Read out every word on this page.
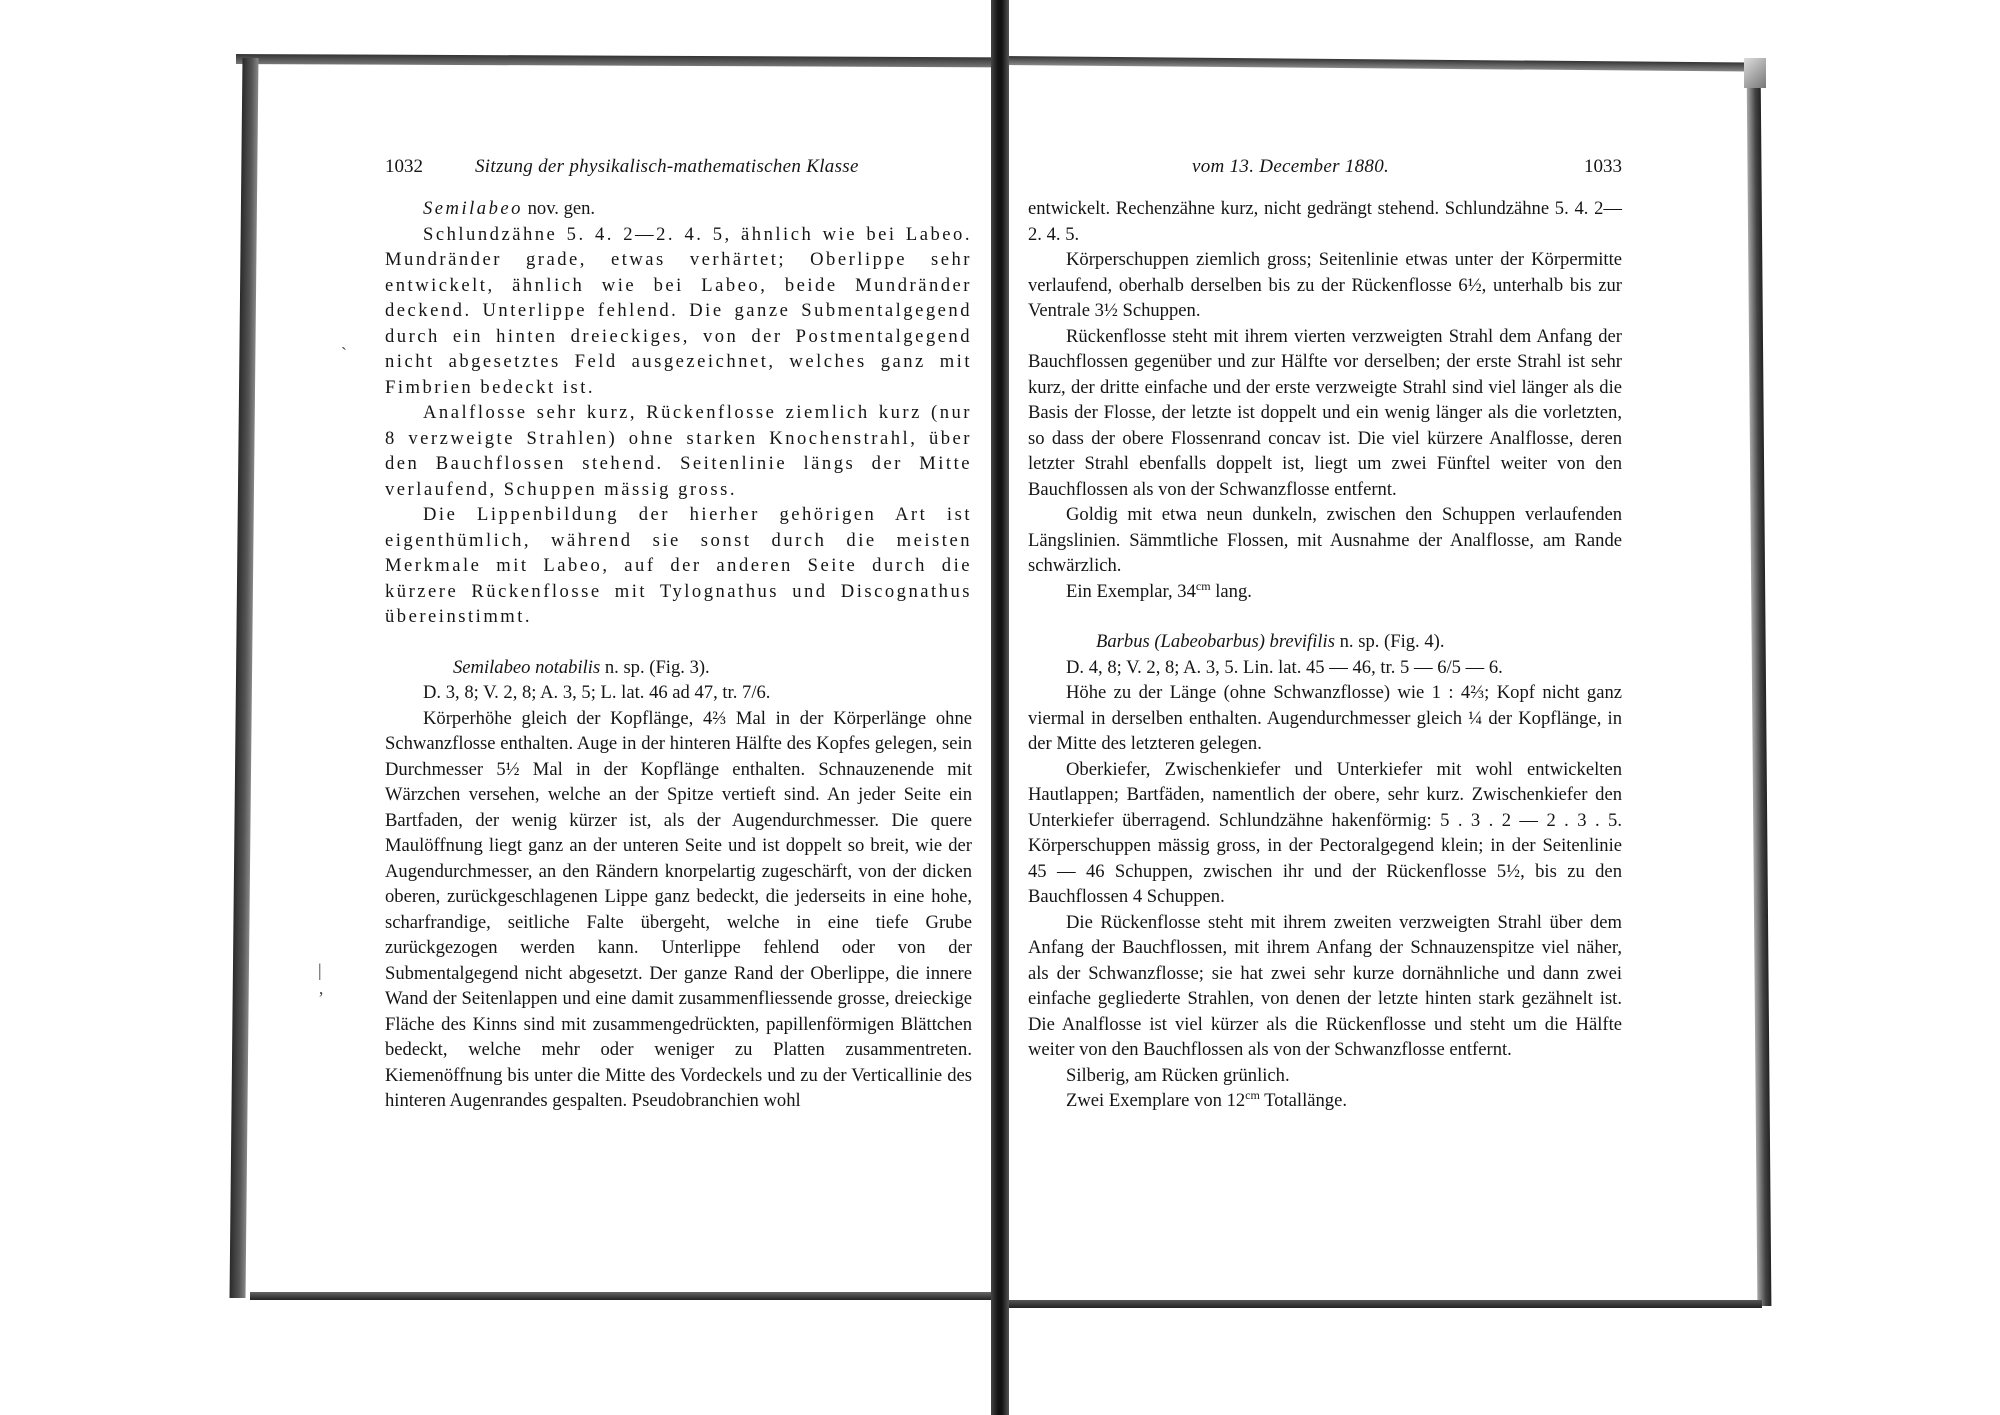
ˎ
|
ʼ
1032	Sitzung der physikalisch-mathematischen Klasse

Semilabeo nov. gen.

Schlundzähne 5. 4. 2—2. 4. 5, ähnlich wie bei Labeo. Mundränder grade, etwas verhärtet; Oberlippe sehr entwickelt, ähnlich wie bei Labeo, beide Mundränder deckend. Unterlippe fehlend. Die ganze Submentalgegend durch ein hinten dreieckiges, von der Postmentalgegend nicht abgesetztes Feld ausgezeichnet, welches ganz mit Fimbrien bedeckt ist.

Analflosse sehr kurz, Rückenflosse ziemlich kurz (nur 8 verzweigte Strahlen) ohne starken Knochenstrahl, über den Bauchflossen stehend. Seitenlinie längs der Mitte verlaufend, Schuppen mässig gross.

Die Lippenbildung der hierher gehörigen Art ist eigenthümlich, während sie sonst durch die meisten Merkmale mit Labeo, auf der anderen Seite durch die kürzere Rückenflosse mit Tylognathus und Discognathus übereinstimmt.

Semilabeo notabilis n. sp. (Fig. 3).

D. 3, 8; V. 2, 8; A. 3, 5; L. lat. 46 ad 47, tr. 7/6.

Körperhöhe gleich der Kopflänge, 4⅔ Mal in der Körperlänge ohne Schwanzflosse enthalten. Auge in der hinteren Hälfte des Kopfes gelegen, sein Durchmesser 5½ Mal in der Kopflänge enthalten. Schnauzenende mit Wärzchen versehen, welche an der Spitze vertieft sind. An jeder Seite ein Bartfaden, der wenig kürzer ist, als der Augendurchmesser. Die quere Maulöffnung liegt ganz an der unteren Seite und ist doppelt so breit, wie der Augendurchmesser, an den Rändern knorpelartig zugeschärft, von der dicken oberen, zurückgeschlagenen Lippe ganz bedeckt, die jederseits in eine hohe, scharfrandige, seitliche Falte übergeht, welche in eine tiefe Grube zurückgezogen werden kann. Unterlippe fehlend oder von der Submentalgegend nicht abgesetzt. Der ganze Rand der Oberlippe, die innere Wand der Seitenlappen und eine damit zusammenfliessende grosse, dreieckige Fläche des Kinns sind mit zusammengedrückten, papillenförmigen Blättchen bedeckt, welche mehr oder weniger zu Platten zusammentreten. Kiemenöffnung bis unter die Mitte des Vordeckels und zu der Verticallinie des hinteren Augenrandes gespalten. Pseudobranchien wohl

vom 13. December 1880.	1033

entwickelt. Rechenzähne kurz, nicht gedrängt stehend. Schlundzähne 5. 4. 2—2. 4. 5.

Körperschuppen ziemlich gross; Seitenlinie etwas unter der Körpermitte verlaufend, oberhalb derselben bis zu der Rückenflosse 6½, unterhalb bis zur Ventrale 3½ Schuppen.

Rückenflosse steht mit ihrem vierten verzweigten Strahl dem Anfang der Bauchflossen gegenüber und zur Hälfte vor derselben; der erste Strahl ist sehr kurz, der dritte einfache und der erste verzweigte Strahl sind viel länger als die Basis der Flosse, der letzte ist doppelt und ein wenig länger als die vorletzten, so dass der obere Flossenrand concav ist. Die viel kürzere Analflosse, deren letzter Strahl ebenfalls doppelt ist, liegt um zwei Fünftel weiter von den Bauchflossen als von der Schwanzflosse entfernt.

Goldig mit etwa neun dunkeln, zwischen den Schuppen verlaufenden Längslinien. Sämmtliche Flossen, mit Ausnahme der Analflosse, am Rande schwärzlich.

Ein Exemplar, $34^{cm}$ lang.

Barbus (Labeobarbus) brevifilis n. sp. (Fig. 4).

D. 4, 8; V. 2, 8; A. 3, 5. Lin. lat. 45 — 46, tr. 5 — 6/5 — 6.

Höhe zu der Länge (ohne Schwanzflosse) wie 1 : 4⅔; Kopf nicht ganz viermal in derselben enthalten. Augendurchmesser gleich ¼ der Kopflänge, in der Mitte des letzteren gelegen.

Oberkiefer, Zwischenkiefer und Unterkiefer mit wohl entwickelten Hautlappen; Bartfäden, namentlich der obere, sehr kurz. Zwischenkiefer den Unterkiefer überragend. Schlundzähne hakenförmig: 5 . 3 . 2 — 2 . 3 . 5. Körperschuppen mässig gross, in der Pectoralgegend klein; in der Seitenlinie 45 — 46 Schuppen, zwischen ihr und der Rückenflosse 5½, bis zu den Bauchflossen 4 Schuppen.

Die Rückenflosse steht mit ihrem zweiten verzweigten Strahl über dem Anfang der Bauchflossen, mit ihrem Anfang der Schnauzenspitze viel näher, als der Schwanzflosse; sie hat zwei sehr kurze dornähnliche und dann zwei einfache gegliederte Strahlen, von denen der letzte hinten stark gezähnelt ist. Die Analflosse ist viel kürzer als die Rückenflosse und steht um die Hälfte weiter von den Bauchflossen als von der Schwanzflosse entfernt.

Silberig, am Rücken grünlich.

Zwei Exemplare von $12^{cm}$ Totallänge.
